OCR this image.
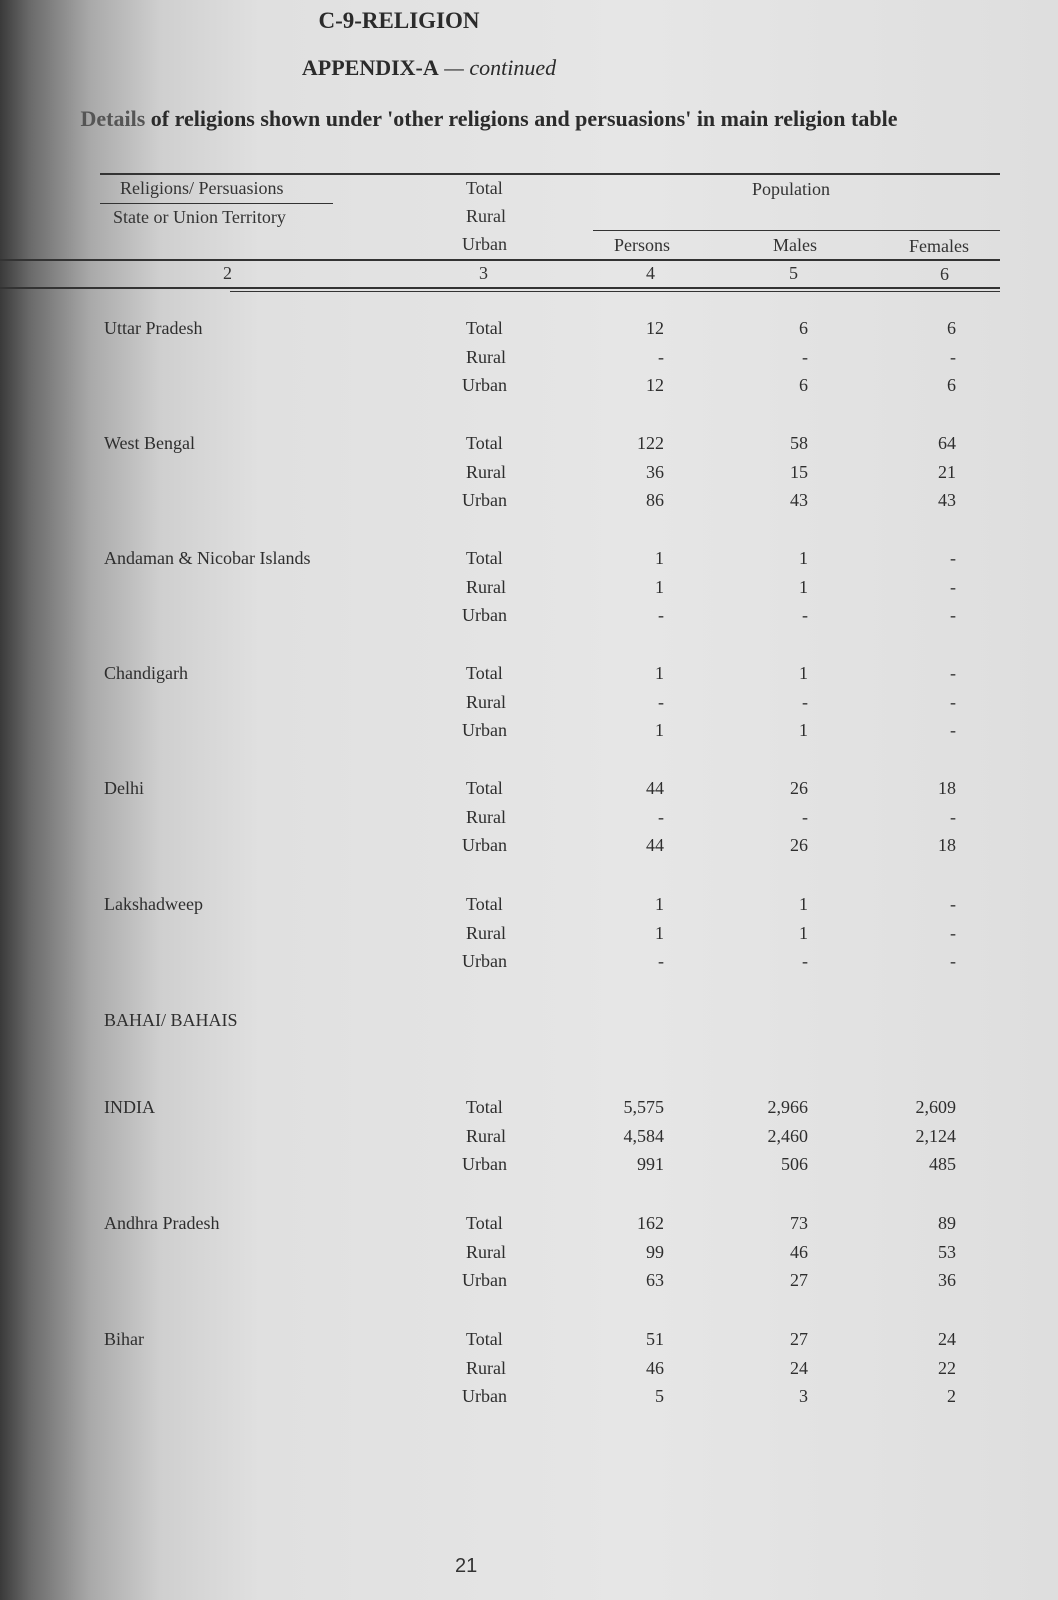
C-9-RELIGION
APPENDIX-A — continued
Details of religions shown under 'other religions and persuasions' in main religion table
Religions/ Persuasions
State or Union Territory
Total
Rural
Urban
Population
Persons	Males	Females
2	3	4	5	6
Uttar Pradesh	Total	12	6	6
Rural	-	-	-
Urban	12	6	6
West Bengal	Total	122	58	64
Rural	36	15	21
Urban	86	43	43
Andaman & Nicobar Islands	Total	1	1	-
Rural	1	1	-
Urban	-	-	-
Chandigarh	Total	1	1	-
Rural	-	-	-
Urban	1	1	-
Delhi	Total	44	26	18
Rural	-	-	-
Urban	44	26	18
Lakshadweep	Total	1	1	-
Rural	1	1	-
Urban	-	-	-
INDIA	Total	5,575	2,966	2,609
Rural	4,584	2,460	2,124
Urban	991	506	485
Andhra Pradesh	Total	162	73	89
Rural	99	46	53
Urban	63	27	36
Bihar	Total	51	27	24
Rural	46	24	22
Urban	5	3	2
BAHAI/ BAHAIS
21
